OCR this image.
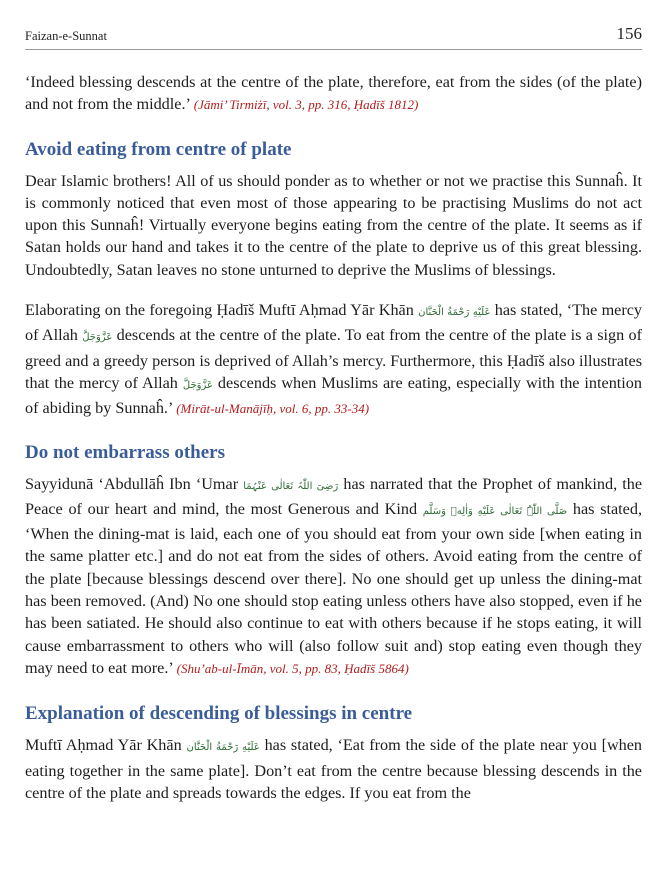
Faizan-e-Sunnat	156

‘Indeed blessing descends at the centre of the plate, therefore, eat from the sides (of the plate) and not from the middle.’ (Jāmi’ Tirmiżī, vol. 3, pp. 316, Ḥadīš 1812)

Avoid eating from centre of plate

Dear Islamic brothers! All of us should ponder as to whether or not we practise this Sunnaĥ. It is commonly noticed that even most of those appearing to be practising Muslims do not act upon this Sunnaĥ! Virtually everyone begins eating from the centre of the plate. It seems as if Satan holds our hand and takes it to the centre of the plate to deprive us of this great blessing. Undoubtedly, Satan leaves no stone unturned to deprive the Muslims of blessings.

Elaborating on the foregoing Ḥadīš Muftī Aḥmad Yār Khān عَلَيْهِ رَحْمَةُ الْحَنَّان has stated, ‘The mercy of Allah عَزَّوَجَلَّ descends at the centre of the plate. To eat from the centre of the plate is a sign of greed and a greedy person is deprived of Allah’s mercy. Furthermore, this Ḥadīš also illustrates that the mercy of Allah عَزَّوَجَلَّ descends when Muslims are eating, especially with the intention of abiding by Sunnaĥ.’ (Mirāt-ul-Manājīḥ, vol. 6, pp. 33-34)

Do not embarrass others

Sayyidunā ‘Abdullāĥ Ibn ‘Umar رَضِیَ اللّٰہُ تَعَالٰی عَنْہُمَا has narrated that the Prophet of mankind, the Peace of our heart and mind, the most Generous and Kind صَلَّی اللّٰہُ تَعَالٰی عَلَيْهِ وَاٰلِهٖ وَسَلَّم has stated, ‘When the dining-mat is laid, each one of you should eat from your own side [when eating in the same platter etc.] and do not eat from the sides of others. Avoid eating from the centre of the plate [because blessings descend over there]. No one should get up unless the dining-mat has been removed. (And) No one should stop eating unless others have also stopped, even if he has been satiated. He should also continue to eat with others because if he stops eating, it will cause embarrassment to others who will (also follow suit and) stop eating even though they may need to eat more.’ (Shu’ab-ul-Īmān, vol. 5, pp. 83, Ḥadīš 5864)

Explanation of descending of blessings in centre

Muftī Aḥmad Yār Khān عَلَيْهِ رَحْمَةُ الْحَنَّان has stated, ‘Eat from the side of the plate near you [when eating together in the same plate]. Don’t eat from the centre because blessing descends in the centre of the plate and spreads towards the edges. If you eat from the
